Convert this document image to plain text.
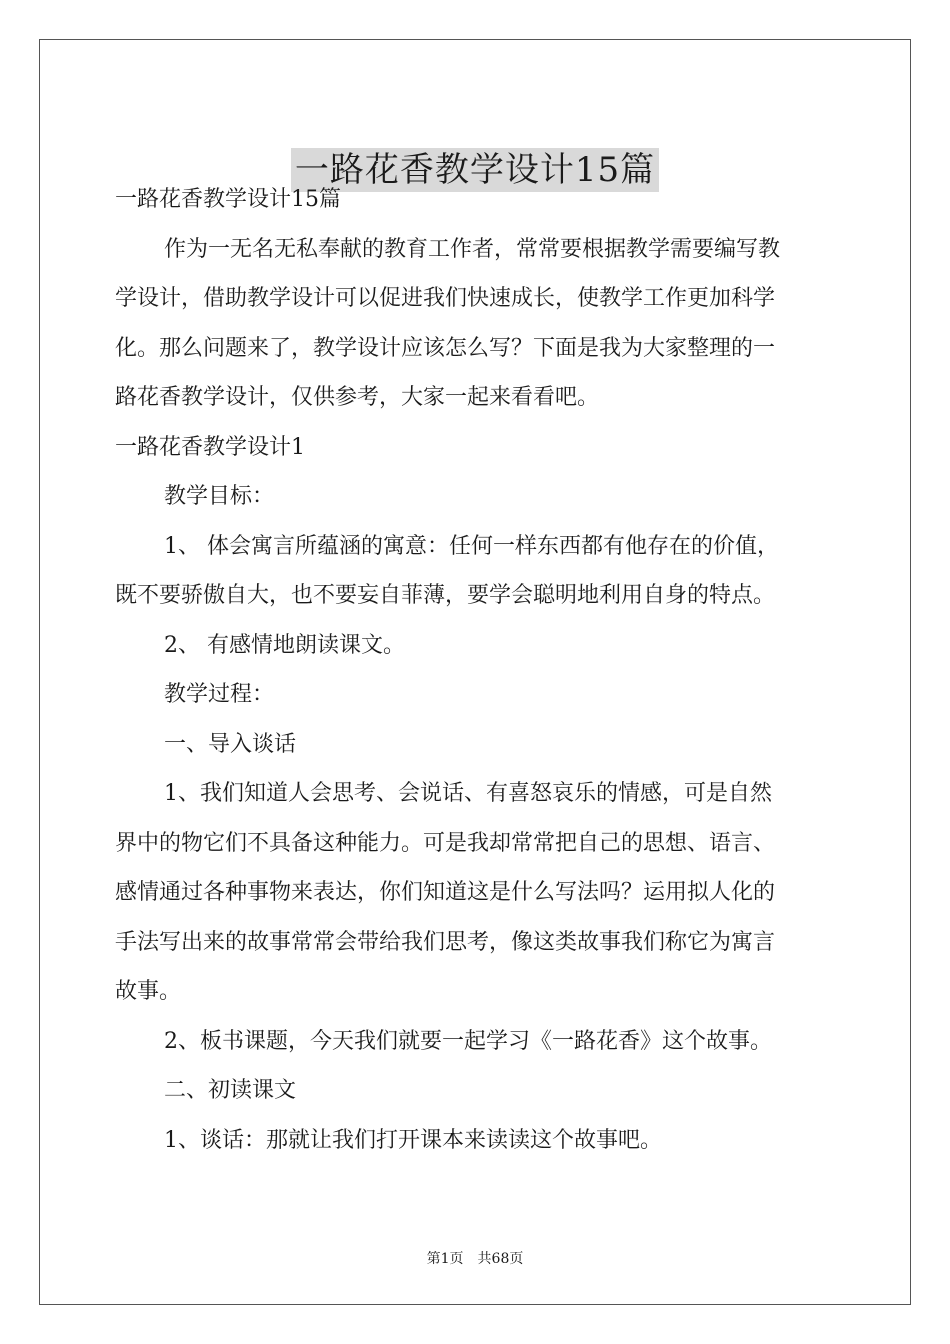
一路花香教学设计15篇

一路花香教学设计15篇

作为一无名无私奉献的教育工作者，常常要根据教学需要编写教

学设计，借助教学设计可以促进我们快速成长，使教学工作更加科学

化。那么问题来了，教学设计应该怎么写？下面是我为大家整理的一

路花香教学设计，仅供参考，大家一起来看看吧。

一路花香教学设计1

教学目标：

1、 体会寓言所蕴涵的寓意：任何一样东西都有他存在的价值，

既不要骄傲自大，也不要妄自菲薄，要学会聪明地利用自身的特点。

2、 有感情地朗读课文。

教学过程：

一、导入谈话

1、我们知道人会思考、会说话、有喜怒哀乐的情感，可是自然

界中的物它们不具备这种能力。可是我却常常把自己的思想、语言、

感情通过各种事物来表达，你们知道这是什么写法吗？运用拟人化的

手法写出来的故事常常会带给我们思考，像这类故事我们称它为寓言

故事。

2、板书课题，今天我们就要一起学习《一路花香》这个故事。

二、初读课文

1、谈话：那就让我们打开课本来读读这个故事吧。

第1页　共68页
